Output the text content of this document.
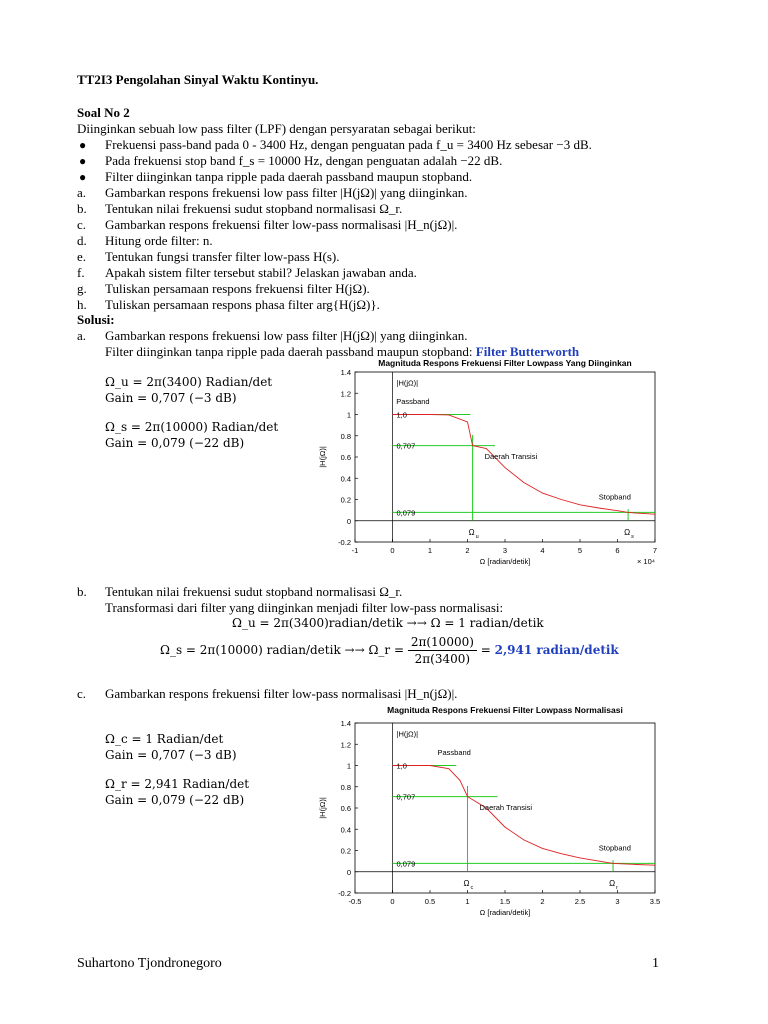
TT2I3 Pengolahan Sinyal Waktu Kontinyu.
Soal No 2
Diinginkan sebuah low pass filter (LPF) dengan persyaratan sebagai berikut:
● Frekuensi pass-band pada 0 - 3400 Hz, dengan penguatan pada f_u = 3400 Hz sebesar −3 dB.
● Pada frekuensi stop band f_s = 10000 Hz, dengan penguatan adalah −22 dB.
● Filter diinginkan tanpa ripple pada daerah passband maupun stopband.
a. Gambarkan respons frekuensi low pass filter |H(jΩ)| yang diinginkan.
b. Tentukan nilai frekuensi sudut stopband normalisasi Ω_r.
c. Gambarkan respons frekuensi filter low-pass normalisasi |H_n(jΩ)|.
d. Hitung orde filter: n.
e. Tentukan fungsi transfer filter low-pass H(s).
f. Apakah sistem filter tersebut stabil? Jelaskan jawaban anda.
g. Tuliskan persamaan respons frekuensi filter H(jΩ).
h. Tuliskan persamaan respons phasa filter arg{H(jΩ)}.
Solusi:
a. Gambarkan respons frekuensi low pass filter |H(jΩ)| yang diinginkan.
Filter diinginkan tanpa ripple pada daerah passband maupun stopband: Filter Butterworth
Ω_u = 2π(3400) Radian/det
Gain = 0,707 (−3 dB)
Ω_s = 2π(10000) Radian/det
Gain = 0,079 (−22 dB)
Magnituda Respons Frekuensi Filter Lowpass Yang Diinginkan
-0.2
0
0.2
0.4
0.6
0.8
1
1.2
1.4
-1	0	1	2	3	4	5	6	7
Ω [radian/detik]
|H(jΩ)|
× 10⁴
|H(jΩ)|
1,0
0,707
0,079
Passband
Daerah Transisi
Stopband
Ω u	Ω s
b. Tentukan nilai frekuensi sudut stopband normalisasi Ω_r.
Transformasi dari filter yang diinginkan menjadi filter low-pass normalisasi:
Ω_u = 2π(3400)radian/detik →→ Ω = 1 radian/detik
Ω_s = 2π(10000) radian/detik →→ Ω_r = $\frac{2\pi(10000)}{2\pi(3400)} = 2,941$ radian/detik
c. Gambarkan respons frekuensi filter low-pass normalisasi |H_n(jΩ)|.
Ω_c = 1 Radian/det
Gain = 0,707 (−3 dB)
Ω_r = 2,941 Radian/det
Gain = 0,079 (−22 dB)
Magnituda Respons Frekuensi Filter Lowpass Normalisasi
-0.2
0
0.2
0.4
0.6
0.8
1
1.2
1.4
-0.5	0	0.5	1	1.5	2	2.5	3	3.5
Ω [radian/detik]
|H(jΩ)|
|H(jΩ)|
1,0
0,707
0,079
Passband
Daerah Transisi
Stopband
Ω c	Ω r
Suhartono Tjondronegoro	1
